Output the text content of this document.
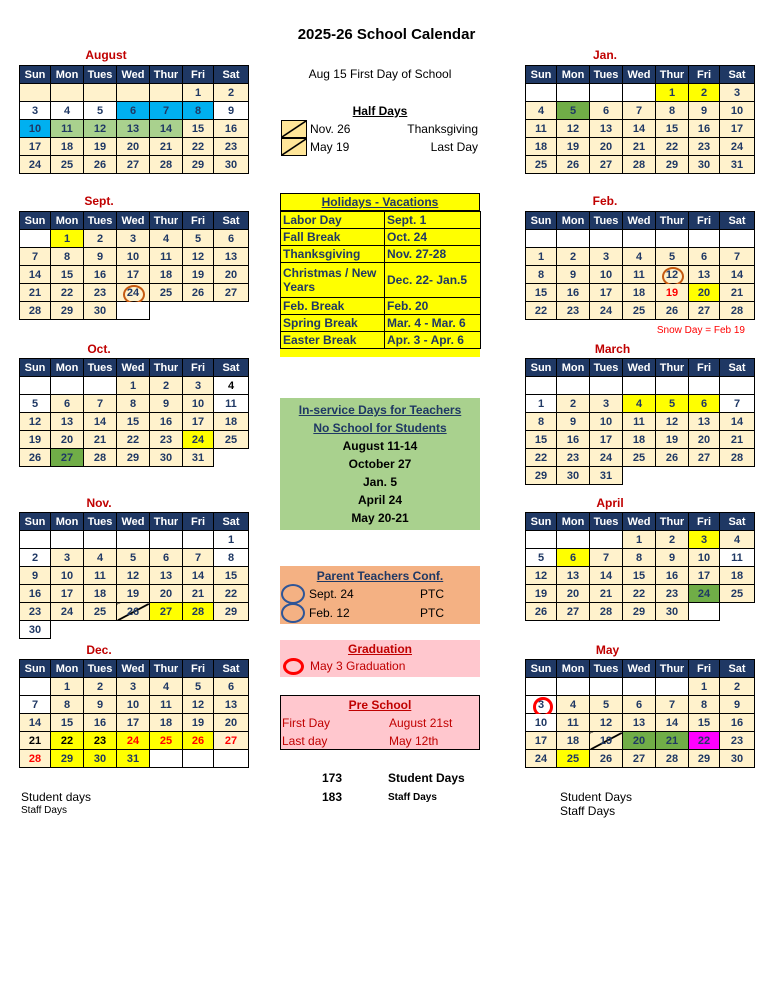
2025-26 School Calendar
August
Sept.
Oct.
Nov.
Dec.
Jan.
Feb.
March
April
May
Sun	Mon	Tues	Wed	Thur	Fri	Sat
					1	2
3	4	5	6	7	8	9
10	11	12	13	14	15	16
17	18	19	20	21	22	23
24	25	26	27	28	29	30
Sun	Mon	Tues	Wed	Thur	Fri	Sat
	1	2	3	4	5	6
7	8	9	10	11	12	13
14	15	16	17	18	19	20
21	22	23	24	25	26	27
28	29	30				
Sun	Mon	Tues	Wed	Thur	Fri	Sat
			1	2	3	4
5	6	7	8	9	10	11
12	13	14	15	16	17	18
19	20	21	22	23	24	25
26	27	28	29	30	31	
Sun	Mon	Tues	Wed	Thur	Fri	Sat
						1
2	3	4	5	6	7	8
9	10	11	12	13	14	15
16	17	18	19	20	21	22
23	24	25	26	27	28	29
30						
Sun	Mon	Tues	Wed	Thur	Fri	Sat
	1	2	3	4	5	6
7	8	9	10	11	12	13
14	15	16	17	18	19	20
21	22	23	24	25	26	27
28	29	30	31			
Sun	Mon	Tues	Wed	Thur	Fri	Sat
				1	2	3
4	5	6	7	8	9	10
11	12	13	14	15	16	17
18	19	20	21	22	23	24
25	26	27	28	29	30	31
Sun	Mon	Tues	Wed	Thur	Fri	Sat

1	2	3	4	5	6	7
8	9	10	11	12	13	14
15	16	17	18	19	20	21
22	23	24	25	26	27	28
Sun	Mon	Tues	Wed	Thur	Fri	Sat

1	2	3	4	5	6	7
8	9	10	11	12	13	14
15	16	17	18	19	20	21
22	23	24	25	26	27	28
29	30	31				
Sun	Mon	Tues	Wed	Thur	Fri	Sat
			1	2	3	4
5	6	7	8	9	10	11
12	13	14	15	16	17	18
19	20	21	22	23	24	25
26	27	28	29	30		
Sun	Mon	Tues	Wed	Thur	Fri	Sat
					1	2
3	4	5	6	7	8	9
10	11	12	13	14	15	16
17	18	19	20	21	22	23
24	25	26	27	28	29	30
Aug 15 First Day of School
Half Days
Nov. 26	Thanksgiving
May 19	Last Day
Holidays - Vacations
Labor Day	Sept. 1
Fall Break	Oct. 24
Thanksgiving	Nov. 27-28
Christmas / New Years	Dec. 22- Jan.5
Feb. Break	Feb. 20
Spring Break	Mar. 4 - Mar. 6
Easter Break	Apr. 3 - Apr. 6
Snow Day = Feb 19
In-service Days for Teachers
No School for Students
August 11-14
October 27
Jan. 5
April 24
May 20-21
Parent Teachers Conf.
Sept. 24	PTC
Feb. 12	PTC
Graduation
May 3 Graduation
Pre School
First Day	August 21st
Last day	May 12th
173	Student Days
183	Staff Days
Student days
Staff Days
Student Days
Staff Days
